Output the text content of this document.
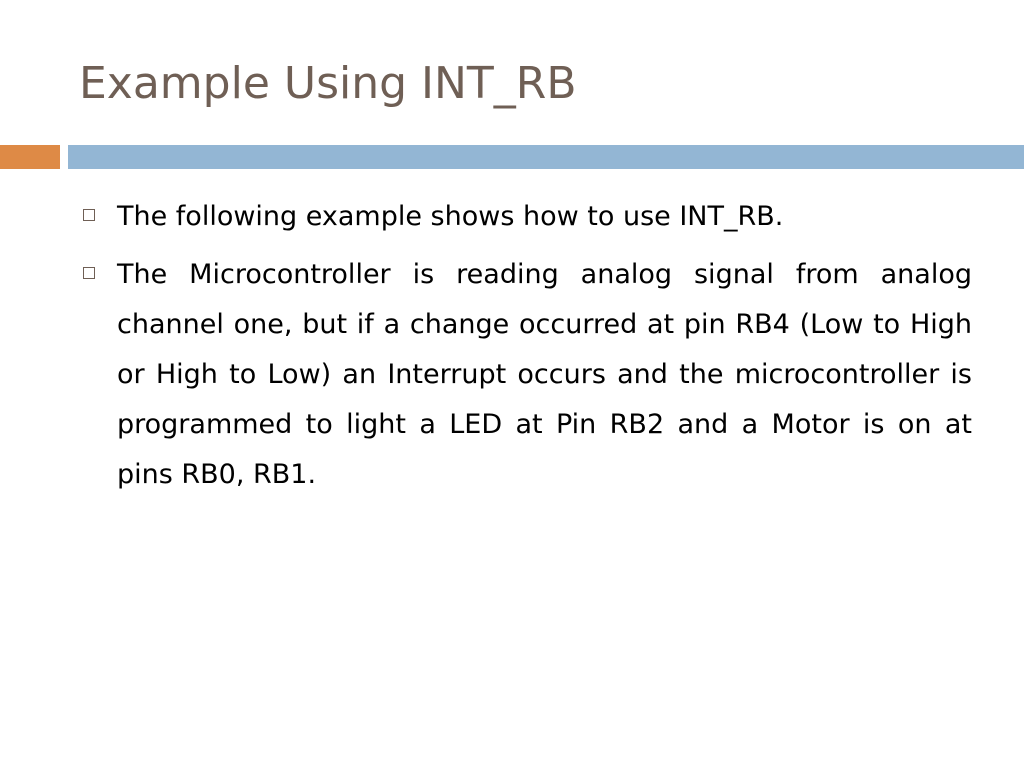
Example Using INT_RB
The following example shows how to use INT_RB.
The Microcontroller is reading analog signal from analog channel one, but if a change occurred at pin RB4 (Low to High or High to Low) an Interrupt occurs and the microcontroller is programmed to light a LED at Pin RB2 and a Motor is on at pins RB0, RB1.
